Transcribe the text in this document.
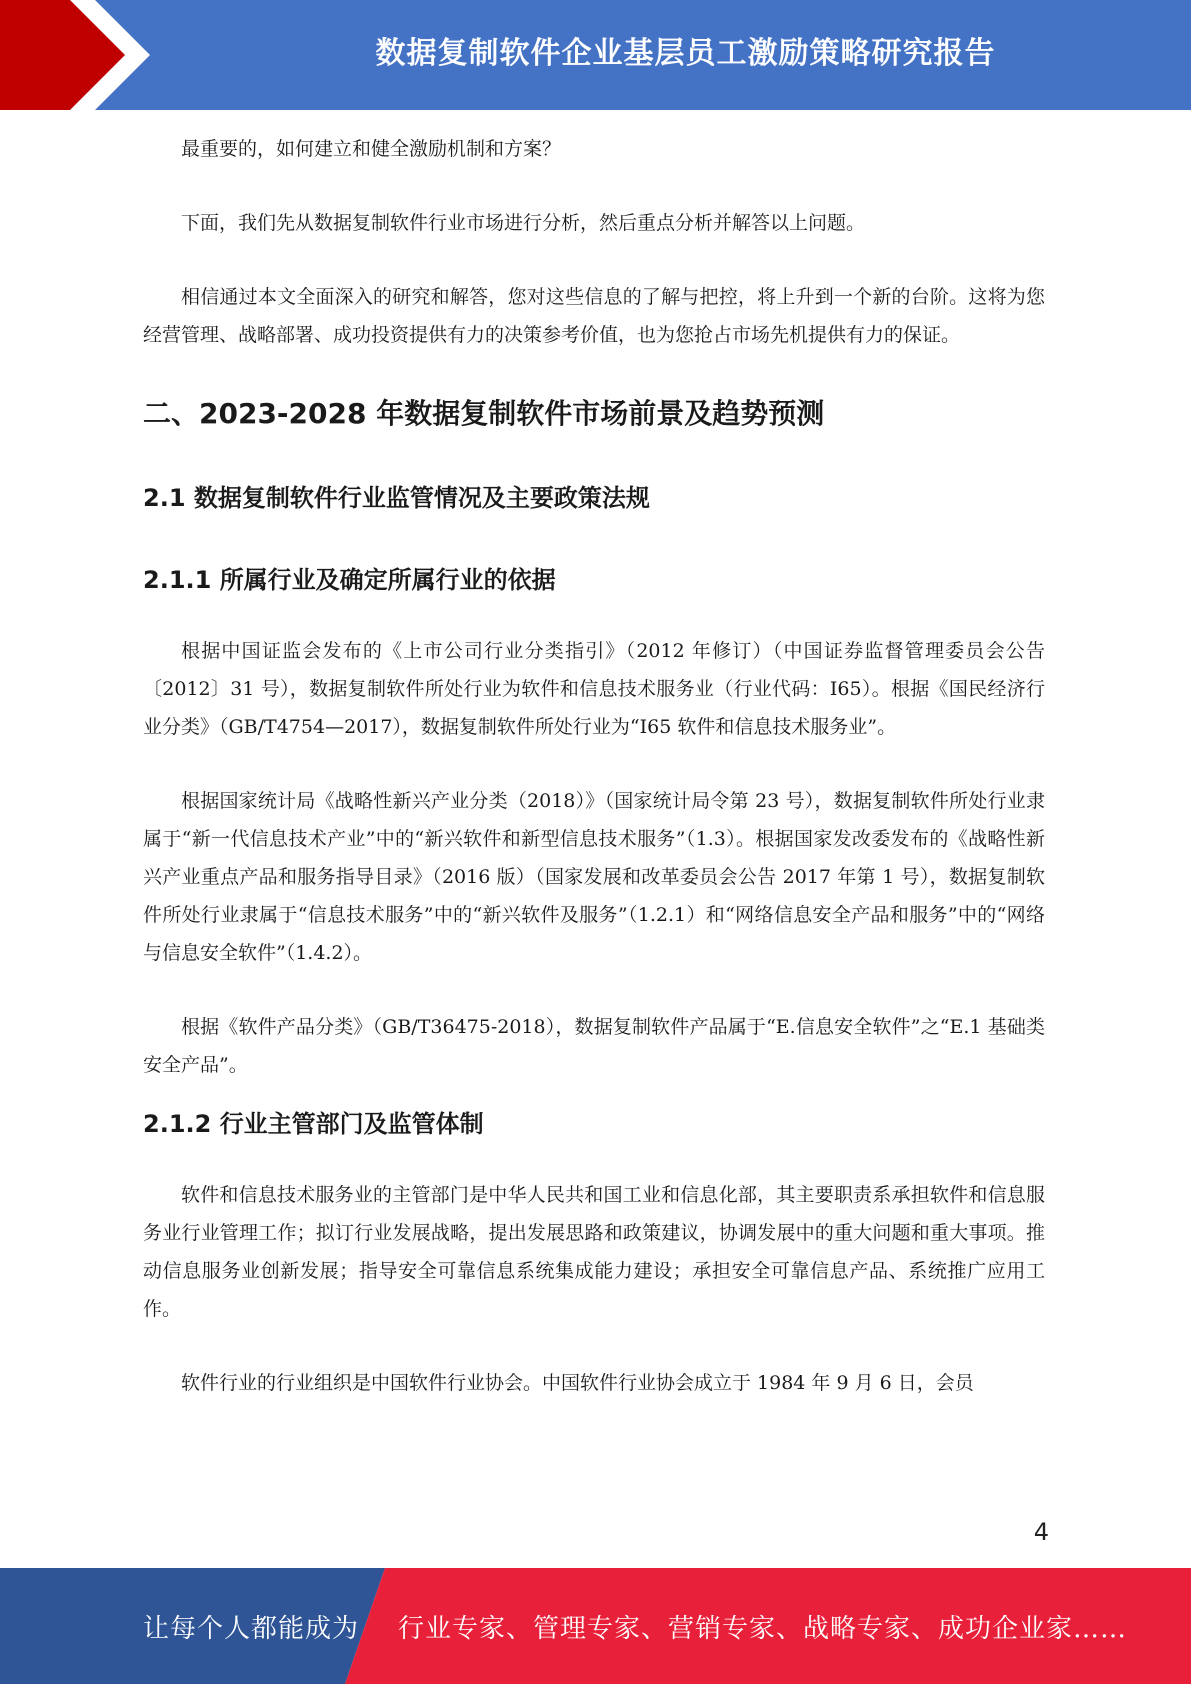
数据复制软件企业基层员工激励策略研究报告

最重要的，如何建立和健全激励机制和方案？

下面，我们先从数据复制软件行业市场进行分析，然后重点分析并解答以上问题。

相信通过本文全面深入的研究和解答，您对这些信息的了解与把控，将上升到一个新的台阶。这将为您经营管理、战略部署、成功投资提供有力的决策参考价值，也为您抢占市场先机提供有力的保证。

二、2023-2028 年数据复制软件市场前景及趋势预测
2.1 数据复制软件行业监管情况及主要政策法规
2.1.1 所属行业及确定所属行业的依据

根据中国证监会发布的《上市公司行业分类指引》（2012 年修订）（中国证券监督管理委员会公告〔2012〕31 号），数据复制软件所处行业为软件和信息技术服务业（行业代码：I65）。根据《国民经济行业分类》（GB/T4754—2017），数据复制软件所处行业为“I65 软件和信息技术服务业”。

根据国家统计局《战略性新兴产业分类（2018）》（国家统计局令第 23 号），数据复制软件所处行业隶属于“新一代信息技术产业”中的“新兴软件和新型信息技术服务”（1.3）。根据国家发改委发布的《战略性新兴产业重点产品和服务指导目录》（2016 版）（国家发展和改革委员会公告 2017 年第 1 号），数据复制软件所处行业隶属于“信息技术服务”中的“新兴软件及服务”（1.2.1）和“网络信息安全产品和服务”中的“网络与信息安全软件”（1.4.2）。

根据《软件产品分类》（GB/T36475-2018），数据复制软件产品属于“E.信息安全软件”之“E.1 基础类安全产品”。

2.1.2 行业主管部门及监管体制

软件和信息技术服务业的主管部门是中华人民共和国工业和信息化部，其主要职责系承担软件和信息服务业行业管理工作；拟订行业发展战略，提出发展思路和政策建议，协调发展中的重大问题和重大事项。推动信息服务业创新发展；指导安全可靠信息系统集成能力建设；承担安全可靠信息产品、系统推广应用工作。

软件行业的行业组织是中国软件行业协会。中国软件行业协会成立于 1984 年 9 月 6 日，会员

4
让每个人都能成为 行业专家、管理专家、营销专家、战略专家、成功企业家……
